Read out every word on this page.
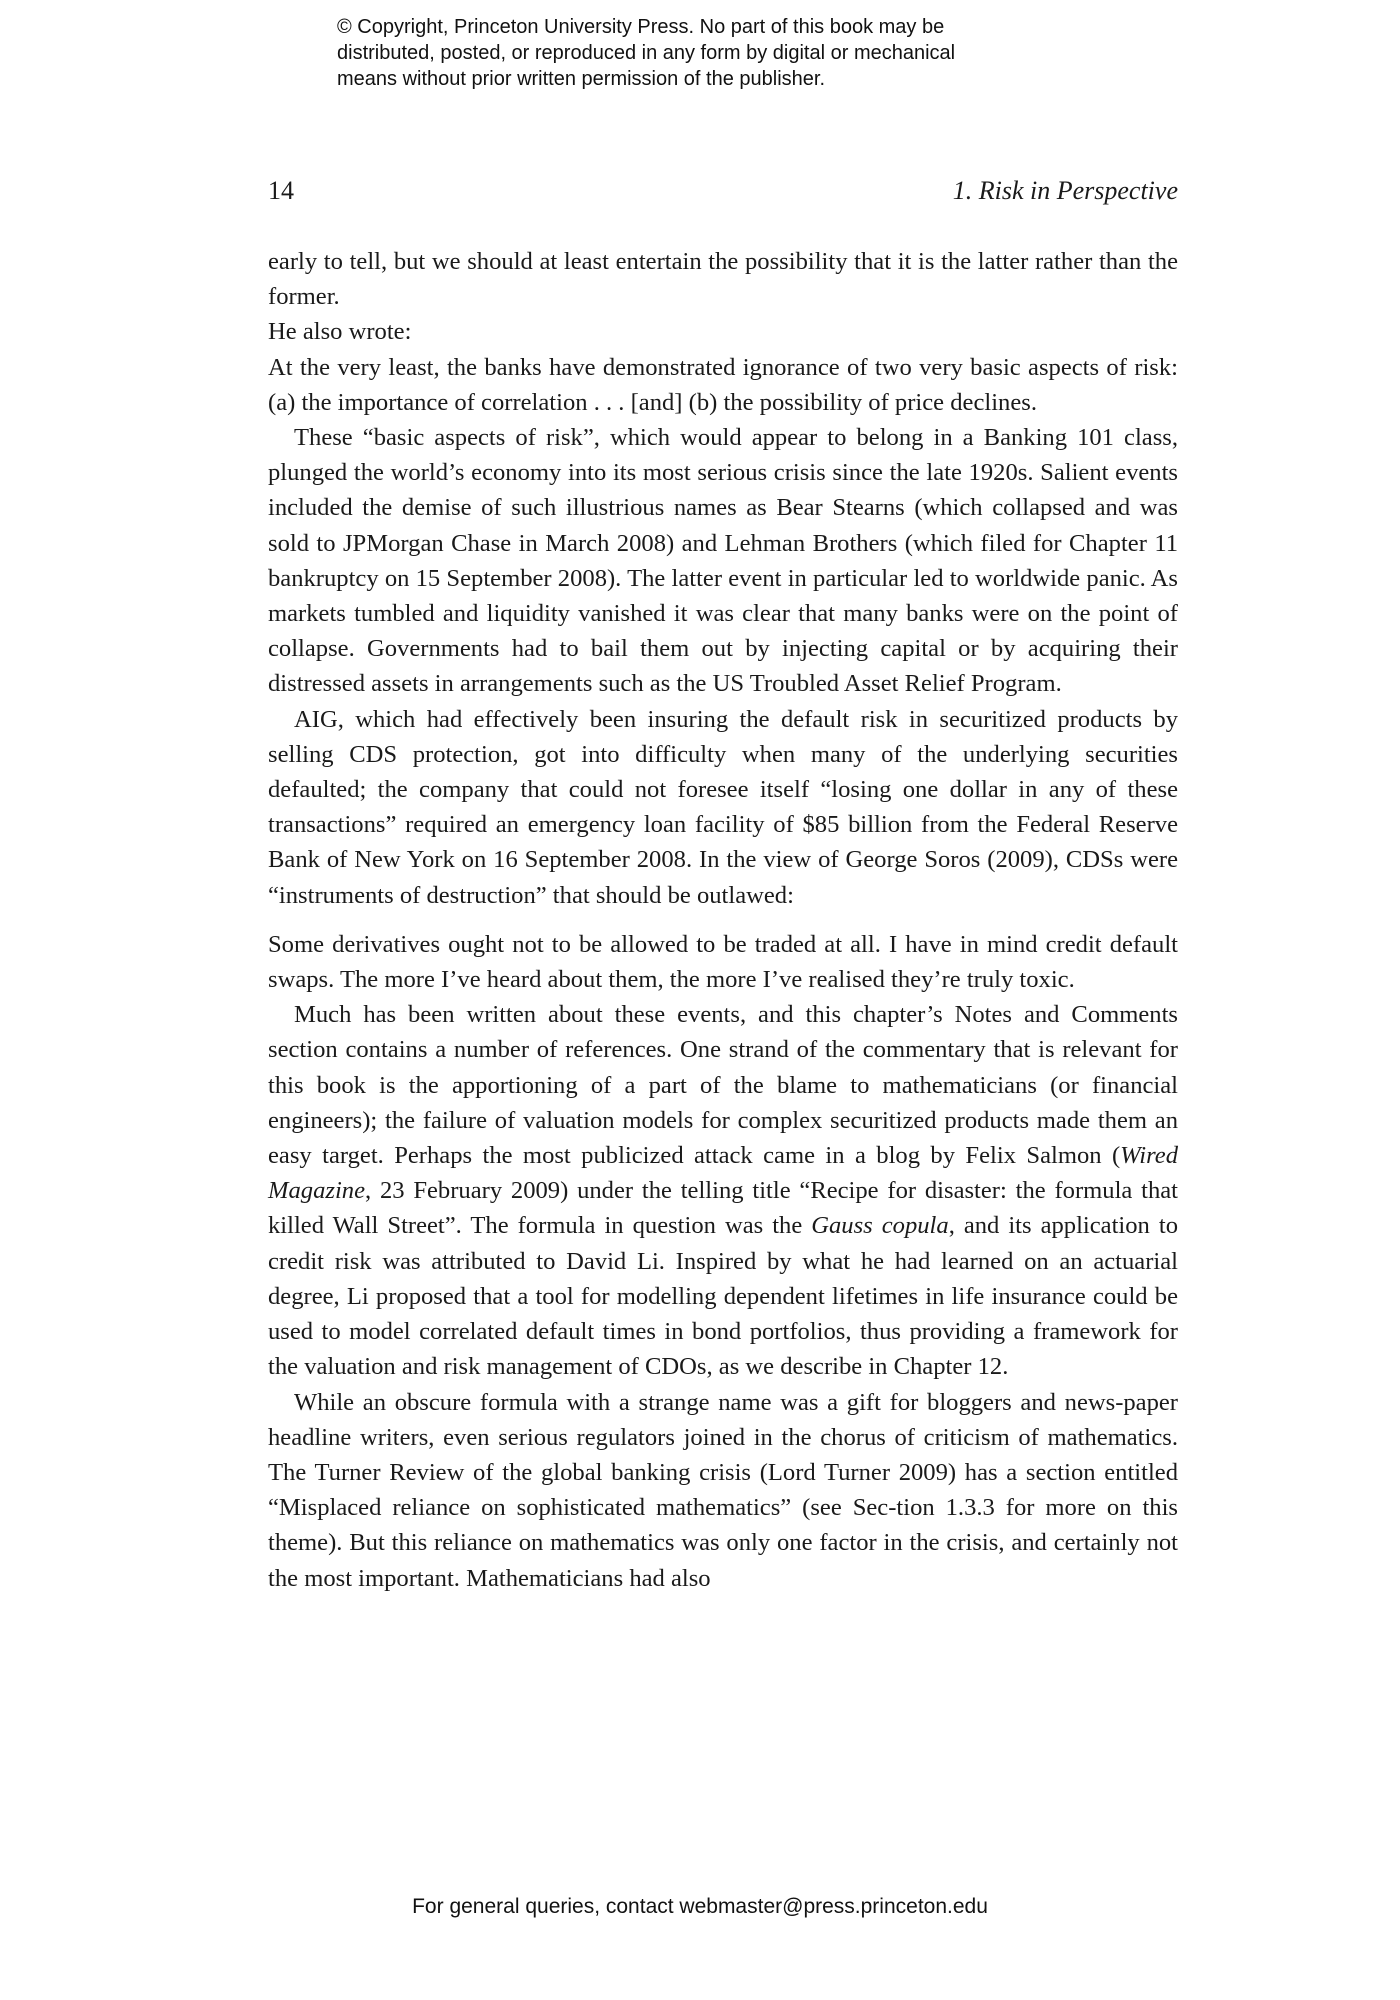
© Copyright, Princeton University Press. No part of this book may be
distributed, posted, or reproduced in any form by digital or mechanical
means without prior written permission of the publisher.
14	1. Risk in Perspective

early to tell, but we should at least entertain the possibility that it is the latter rather than the former.

He also wrote:

At the very least, the banks have demonstrated ignorance of two very basic aspects of risk: (a) the importance of correlation . . . [and] (b) the possibility of price declines.

These “basic aspects of risk”, which would appear to belong in a Banking 101 class, plunged the world’s economy into its most serious crisis since the late 1920s. Salient events included the demise of such illustrious names as Bear Stearns (which collapsed and was sold to JPMorgan Chase in March 2008) and Lehman Brothers (which filed for Chapter 11 bankruptcy on 15 September 2008). The latter event in particular led to worldwide panic. As markets tumbled and liquidity vanished it was clear that many banks were on the point of collapse. Governments had to bail them out by injecting capital or by acquiring their distressed assets in arrangements such as the US Troubled Asset Relief Program.

AIG, which had effectively been insuring the default risk in securitized products by selling CDS protection, got into difficulty when many of the underlying securities defaulted; the company that could not foresee itself “losing one dollar in any of these transactions” required an emergency loan facility of $85 billion from the Federal Reserve Bank of New York on 16 September 2008. In the view of George Soros (2009), CDSs were “instruments of destruction” that should be outlawed:

Some derivatives ought not to be allowed to be traded at all. I have in mind credit default swaps. The more I’ve heard about them, the more I’ve realised they’re truly toxic.

Much has been written about these events, and this chapter’s Notes and Comments section contains a number of references. One strand of the commentary that is relevant for this book is the apportioning of a part of the blame to mathematicians (or financial engineers); the failure of valuation models for complex securitized products made them an easy target. Perhaps the most publicized attack came in a blog by Felix Salmon (Wired Magazine, 23 February 2009) under the telling title “Recipe for disaster: the formula that killed Wall Street”. The formula in question was the Gauss copula, and its application to credit risk was attributed to David Li. Inspired by what he had learned on an actuarial degree, Li proposed that a tool for modelling dependent lifetimes in life insurance could be used to model correlated default times in bond portfolios, thus providing a framework for the valuation and risk management of CDOs, as we describe in Chapter 12.

While an obscure formula with a strange name was a gift for bloggers and news-paper headline writers, even serious regulators joined in the chorus of criticism of mathematics. The Turner Review of the global banking crisis (Lord Turner 2009) has a section entitled “Misplaced reliance on sophisticated mathematics” (see Sec-tion 1.3.3 for more on this theme). But this reliance on mathematics was only one factor in the crisis, and certainly not the most important. Mathematicians had also

For general queries, contact webmaster@press.princeton.edu
